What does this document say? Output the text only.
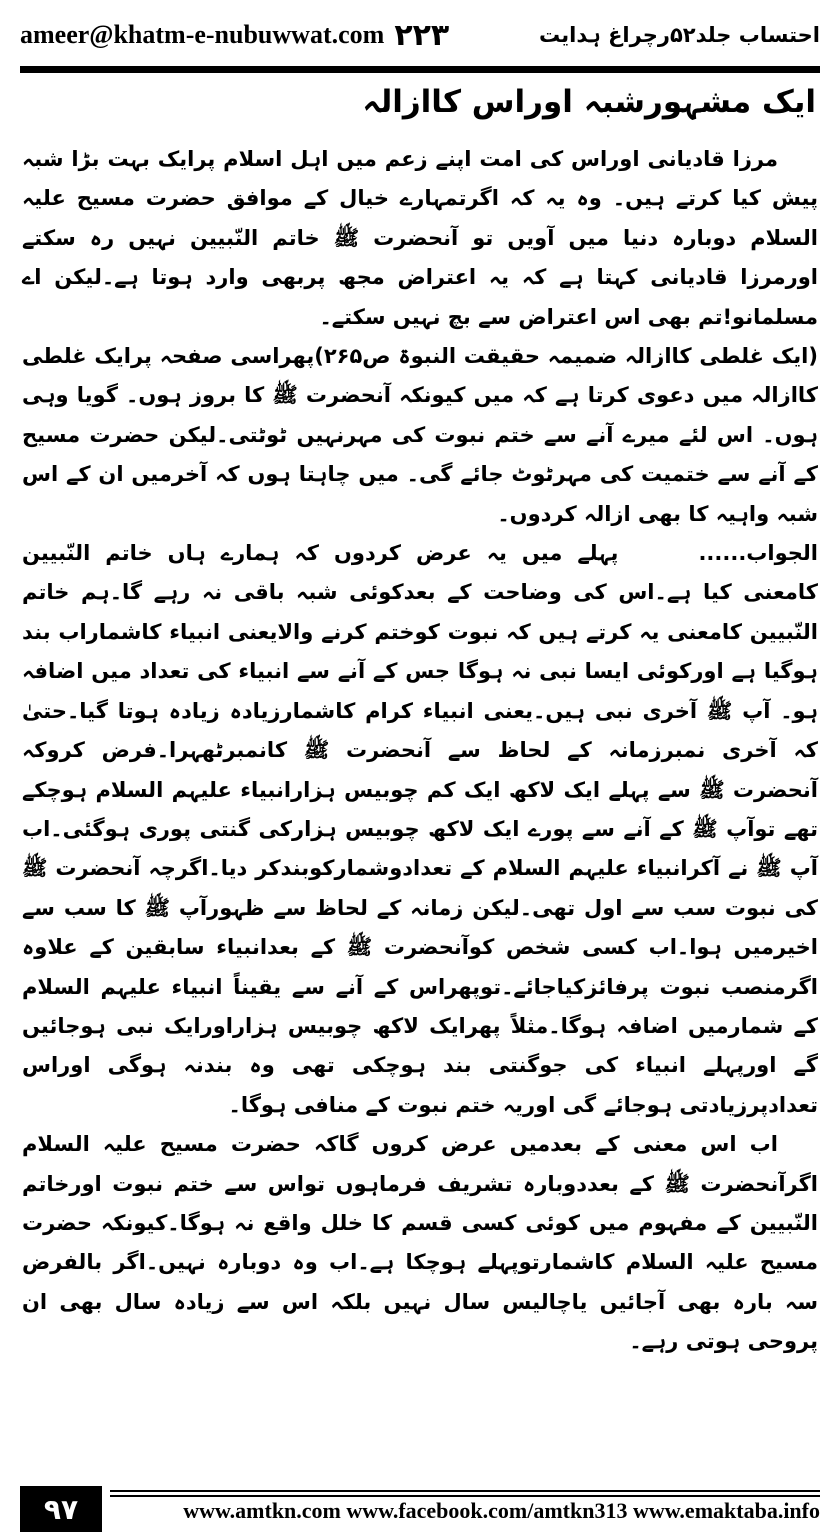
ameer@khatm-e-nubuwwat.com ۲۲۳	احتساب جلد۵۲رچراغ ہدایت
ایک مشہورشبہ اوراس کاازالہ

مرزا قادیانی اوراس کی امت اپنے زعم میں اہل اسلام پرایک بہت بڑا شبہ پیش کیا کرتے ہیں۔ وہ یہ کہ اگرتمہارے خیال کے موافق حضرت مسیح علیہ السلام دوبارہ دنیا میں آویں تو آنحضرت ﷺ خاتم النّبیین نہیں رہ سکتے اورمرزا قادیانی کہتا ہے کہ یہ اعتراض مجھ پربھی وارد ہوتا ہے۔لیکن اے مسلمانو!تم بھی اس اعتراض سے بچ نہیں سکتے۔

(ایک غلطی کاازالہ ضمیمہ حقیقت النبوۃ ص۲۶۵)پھراسی صفحہ پرایک غلطی کاازالہ میں دعوی کرتا ہے کہ میں کیونکہ آنحضرت ﷺ کا بروز ہوں۔ گویا وہی ہوں۔ اس لئے میرے آنے سے ختم نبوت کی مہرنہیں ٹوٹتی۔لیکن حضرت مسیح کے آنے سے ختمیت کی مہرٹوٹ جائے گی۔ میں چاہتا ہوں کہ آخرمیں ان کے اس شبہ واہیہ کا بھی ازالہ کردوں۔

الجواب......پہلے میں یہ عرض کردوں کہ ہمارے ہاں خاتم النّبیین کامعنی کیا ہے۔اس کی وضاحت کے بعدکوئی شبہ باقی نہ رہے گا۔ہم خاتم النّبیین کامعنی یہ کرتے ہیں کہ نبوت کوختم کرنے والایعنی انبیاء کاشماراب بند ہوگیا ہے اورکوئی ایسا نبی نہ ہوگا جس کے آنے سے انبیاء کی تعداد میں اضافہ ہو۔ آپ ﷺ آخری نبی ہیں۔یعنی انبیاء کرام کاشمارزیادہ زیادہ ہوتا گیا۔حتیٰ کہ آخری نمبرزمانہ کے لحاظ سے آنحضرت ﷺ کانمبرٹھہرا۔فرض کروکہ آنحضرت ﷺ سے پہلے ایک لاکھ ایک کم چوبیس ہزارانبیاء علیہم السلام ہوچکے تھے توآپ ﷺ کے آنے سے پورے ایک لاکھ چوبیس ہزارکی گنتی پوری ہوگئی۔اب آپ ﷺ نے آکرانبیاء علیہم السلام کے تعدادوشمارکوبندکر دیا۔اگرچہ آنحضرت ﷺ کی نبوت سب سے اول تھی۔لیکن زمانہ کے لحاظ سے ظہورآپ ﷺ کا سب سے اخیرمیں ہوا۔اب کسی شخص کوآنحضرت ﷺ کے بعدانبیاء سابقین کے علاوہ اگرمنصب نبوت پرفائزکیاجائے۔توپھراس کے آنے سے یقیناً انبیاء علیہم السلام کے شمارمیں اضافہ ہوگا۔مثلاً پھرایک لاکھ چوبیس ہزاراورایک نبی ہوجائیں گے اورپہلے انبیاء کی جوگنتی بند ہوچکی تھی وہ بندنہ ہوگی اوراس تعدادپرزیادتی ہوجائے گی اوریہ ختم نبوت کے منافی ہوگا۔

اب اس معنی کے بعدمیں عرض کروں گاکہ حضرت مسیح علیہ السلام اگرآنحضرت ﷺ کے بعددوبارہ تشریف فرماہوں تواس سے ختم نبوت اورخاتم النّبیین کے مفہوم میں کوئی کسی قسم کا خلل واقع نہ ہوگا۔کیونکہ حضرت مسیح علیہ السلام کاشمارتوپہلے ہوچکا ہے۔اب وہ دوبارہ نہیں۔اگر بالفرض سہ بارہ بھی آجائیں یاچالیس سال نہیں بلکہ اس سے زیادہ سال بھی ان پروحی ہوتی رہے۔

۹۷	www.amtkn.com www.facebook.com/amtkn313 www.emaktaba.info
